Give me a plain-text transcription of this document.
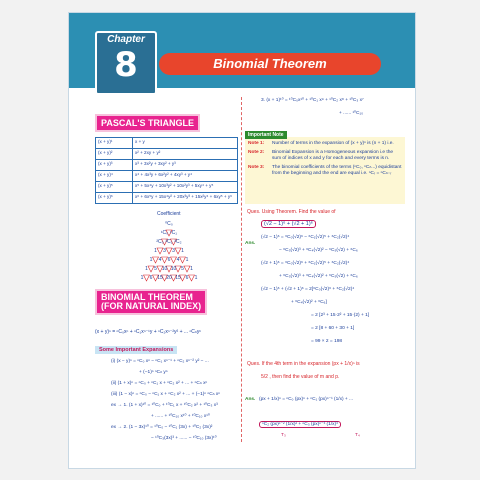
Chapter
8	Binomial Theorem
PASCAL'S TRIANGLE
(x + y)¹	x + y
(x + y)²	x² + 2xy + y²
(x + y)³	x³ + 3x²y + 3xy² + y³
(x + y)⁴	x⁴ + 4x³y + 6x²y² + 4xy³ + y⁴
(x + y)⁵	x⁵ + 5x⁴y + 10x³y² + 10x²y³ + 5xy⁴ + y⁵
(x + y)⁶	x⁶ + 6x⁵y + 15x⁴y² + 20x³y³ + 15x²y⁴ + 6xy⁵ + y⁶
Coefficient
⁰C₀
¹C₀ ¹C₁
²C₀ ²C₁ ²C₂
1 3 3 1
1 4 6 4 1
1 5 10 10 5 1
1 6 15 20 15 6 1
BINOMIAL THEOREM
(FOR NATURAL INDEX)
(x + y)ⁿ = ⁿC₀xⁿ + ⁿC₁xⁿ⁻¹y + ⁿC₂xⁿ⁻²y² + ... ⁿCₙyⁿ
Some Important Expansions
(i) (x − y)ⁿ = ⁿC₀ xⁿ − ⁿC₁ xⁿ⁻¹ + ⁿC₂ xⁿ⁻² y² − ...
+ (−1)ⁿ ⁿCₙ yⁿ
(ii) (1 + x)ⁿ = ⁿC₀ + ⁿC₁ x + ⁿC₂ x² + ... + ⁿCₙ xⁿ
(iii) (1 − x)ⁿ = ⁿC₀ − ⁿC₁ x + ⁿC₂ x² + ... + (−1)ⁿ ⁿCₙ xⁿ
ex → 1. (1 + x)¹⁰ = ¹⁰C₀ + ¹⁰C₁ x + ¹⁰C₂ x² + ¹⁰C₃ x³
+ ...... + ¹⁰C₁₀ x¹⁰ + ¹⁰C₁₀ x¹⁰
ex → 2. (1 − 3x)¹⁰ = ¹⁰C₀ − ¹⁰C₁ (3x) + ¹⁰C₂ (3x)²
− ¹⁰C₃(3x)³ + ...... − ¹⁰C₁₀ (3x)¹⁰
3. (x + 1)¹⁰ = ¹⁰C₀x¹⁰ + ¹⁰C₁ x⁹ + ¹⁰C₂ x⁸ + ¹⁰C₃ x⁷
+ ...... ¹⁰C₁₀
Important Note
Note 1:	Number of terms in the expansion of (x + y)ⁿ is (n + 1) i.e.
Note 2:	Binomial Expansion is a Homogeneous expansion i.e the sum of indices of x and y for each and every terms is n.
Note 3:	The binomial coefficients of the terms (ⁿC₀, ⁿCₙ...) equidistant from the beginning and the end are equal i.e. ⁿCᵣ = ⁿCₙ₋ᵣ
Ques. Using Theorem. Find the value of
(√2 − 1)⁶ + (√2 + 1)⁶
Ans.
(√2 − 1)⁶ = ⁶C₀(√2)⁶ − ⁶C₁(√2)⁵ + ⁶C₂(√2)⁴
− ⁶C₃(√2)³ + ⁶C₄(√2)² − ⁶C₅(√2) + ⁶C₆
(√2 + 1)⁶ = ⁶C₀(√2)⁶ + ⁶C₁(√2)⁵ + ⁶C₂(√2)⁴
+ ⁶C₃(√2)³ + ⁶C₄(√2)² + ⁶C₅(√2) + ⁶C₆
(√2 − 1)⁶ + (√2 + 1)⁶ = 2[⁶C₀(√2)⁶ + ⁶C₂(√2)⁴
+ ⁶C₄(√2)² + ⁶C₆]
= 2 [2³ + 15·2² + 15·(2) + 1]
= 2 [8 + 60 + 30 + 1]
= 99 × 2 = 198
Ques. If the 4th term in the expansion (px + 1/x)ⁿ is
5/2 , then find the value of m and p.
Ans. (px + 1/x)ⁿ = ⁿC₀ (px)ⁿ + ⁿC₁ (px)ⁿ⁻¹ (1/x) + ...
ⁿC₂ (px)ⁿ⁻² (1/x)² + ⁿC₃ (px)ⁿ⁻³ (1/x)³
T₃	T₄
